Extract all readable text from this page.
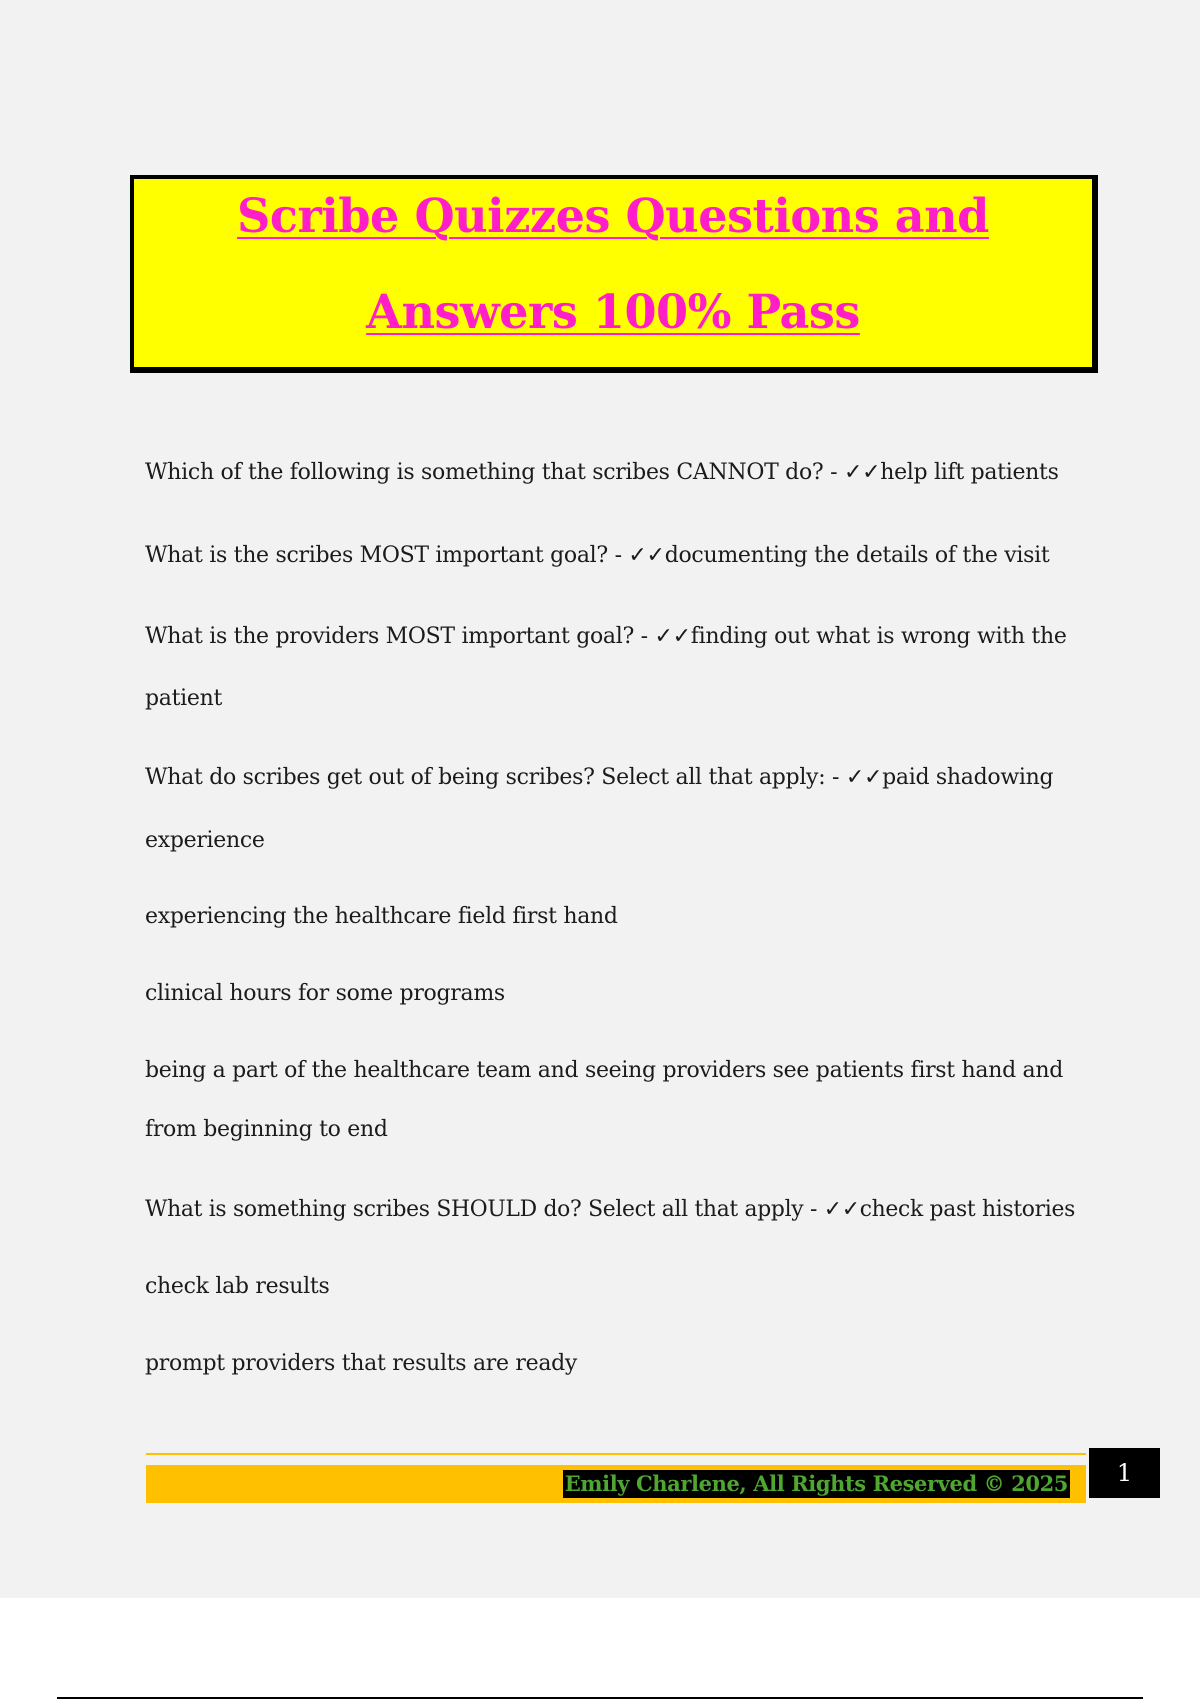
Scribe Quizzes Questions and
Answers 100% Pass
Which of the following is something that scribes CANNOT do? - ✓✓help lift patients
What is the scribes MOST important goal? - ✓✓documenting the details of the visit
What is the providers MOST important goal? - ✓✓finding out what is wrong with the
patient
What do scribes get out of being scribes? Select all that apply: - ✓✓paid shadowing
experience
experiencing the healthcare field first hand
clinical hours for some programs
being a part of the healthcare team and seeing providers see patients first hand and
from beginning to end
What is something scribes SHOULD do? Select all that apply - ✓✓check past histories
check lab results
prompt providers that results are ready
Emily Charlene, All Rights Reserved © 2025	1
